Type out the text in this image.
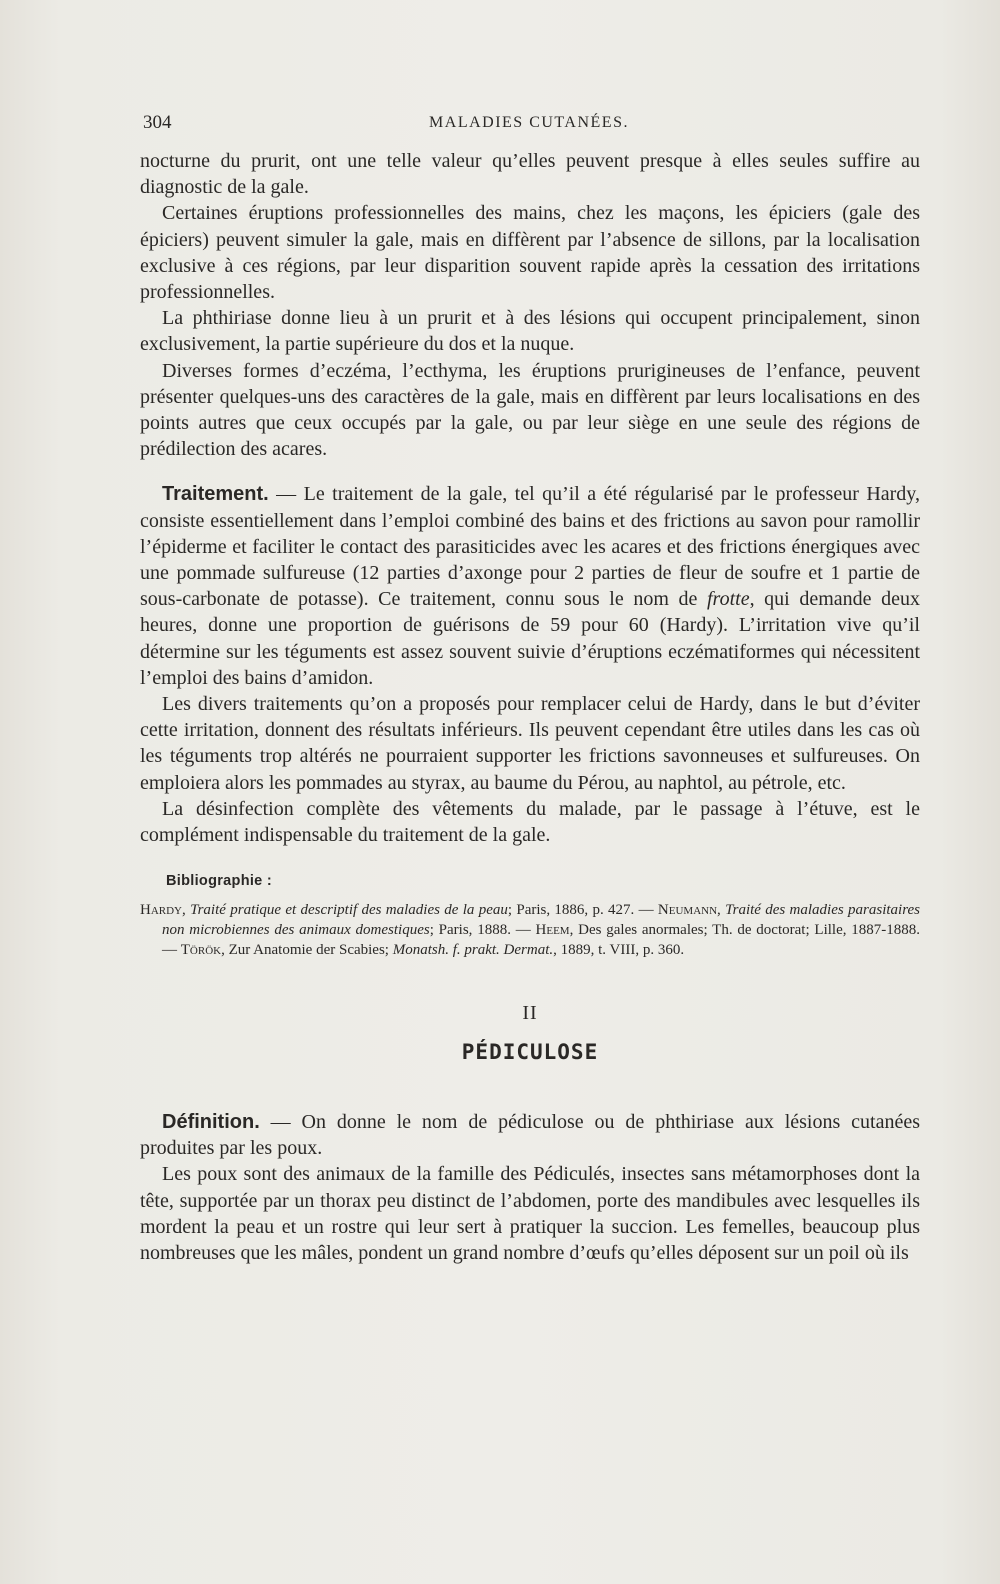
304	MALADIES CUTANÉES.

nocturne du prurit, ont une telle valeur qu’elles peuvent presque à elles seules suffire au diagnostic de la gale.

Certaines éruptions professionnelles des mains, chez les maçons, les épiciers (gale des épiciers) peuvent simuler la gale, mais en diffèrent par l’absence de sillons, par la localisation exclusive à ces régions, par leur disparition souvent rapide après la cessation des irritations professionnelles.

La phthiriase donne lieu à un prurit et à des lésions qui occupent principalement, sinon exclusivement, la partie supérieure du dos et la nuque.

Diverses formes d’eczéma, l’ecthyma, les éruptions prurigineuses de l’enfance, peuvent présenter quelques-uns des caractères de la gale, mais en diffèrent par leurs localisations en des points autres que ceux occupés par la gale, ou par leur siège en une seule des régions de prédilection des acares.

Traitement. — Le traitement de la gale, tel qu’il a été régularisé par le professeur Hardy, consiste essentiellement dans l’emploi combiné des bains et des frictions au savon pour ramollir l’épiderme et faciliter le contact des parasiticides avec les acares et des frictions énergiques avec une pommade sulfureuse (12 parties d’axonge pour 2 parties de fleur de soufre et 1 partie de sous-carbonate de potasse). Ce traitement, connu sous le nom de frotte, qui demande deux heures, donne une proportion de guérisons de 59 pour 60 (Hardy). L’irritation vive qu’il détermine sur les téguments est assez souvent suivie d’éruptions eczématiformes qui nécessitent l’emploi des bains d’amidon.

Les divers traitements qu’on a proposés pour remplacer celui de Hardy, dans le but d’éviter cette irritation, donnent des résultats inférieurs. Ils peuvent cependant être utiles dans les cas où les téguments trop altérés ne pourraient supporter les frictions savonneuses et sulfureuses. On emploiera alors les pommades au styrax, au baume du Pérou, au naphtol, au pétrole, etc.

La désinfection complète des vêtements du malade, par le passage à l’étuve, est le complément indispensable du traitement de la gale.

Bibliographie :

Hardy, Traité pratique et descriptif des maladies de la peau; Paris, 1886, p. 427. — Neumann, Traité des maladies parasitaires non microbiennes des animaux domestiques; Paris, 1888. — Heem, Des gales anormales; Th. de doctorat; Lille, 1887-1888. — Török, Zur Anatomie der Scabies; Monatsh. f. prakt. Dermat., 1889, t. VIII, p. 360.

II
PÉDICULOSE

Définition. — On donne le nom de pédiculose ou de phthiriase aux lésions cutanées produites par les poux.

Les poux sont des animaux de la famille des Pédiculés, insectes sans métamorphoses dont la tête, supportée par un thorax peu distinct de l’abdomen, porte des mandibules avec lesquelles ils mordent la peau et un rostre qui leur sert à pratiquer la succion. Les femelles, beaucoup plus nombreuses que les mâles, pondent un grand nombre d’œufs qu’elles déposent sur un poil où ils
